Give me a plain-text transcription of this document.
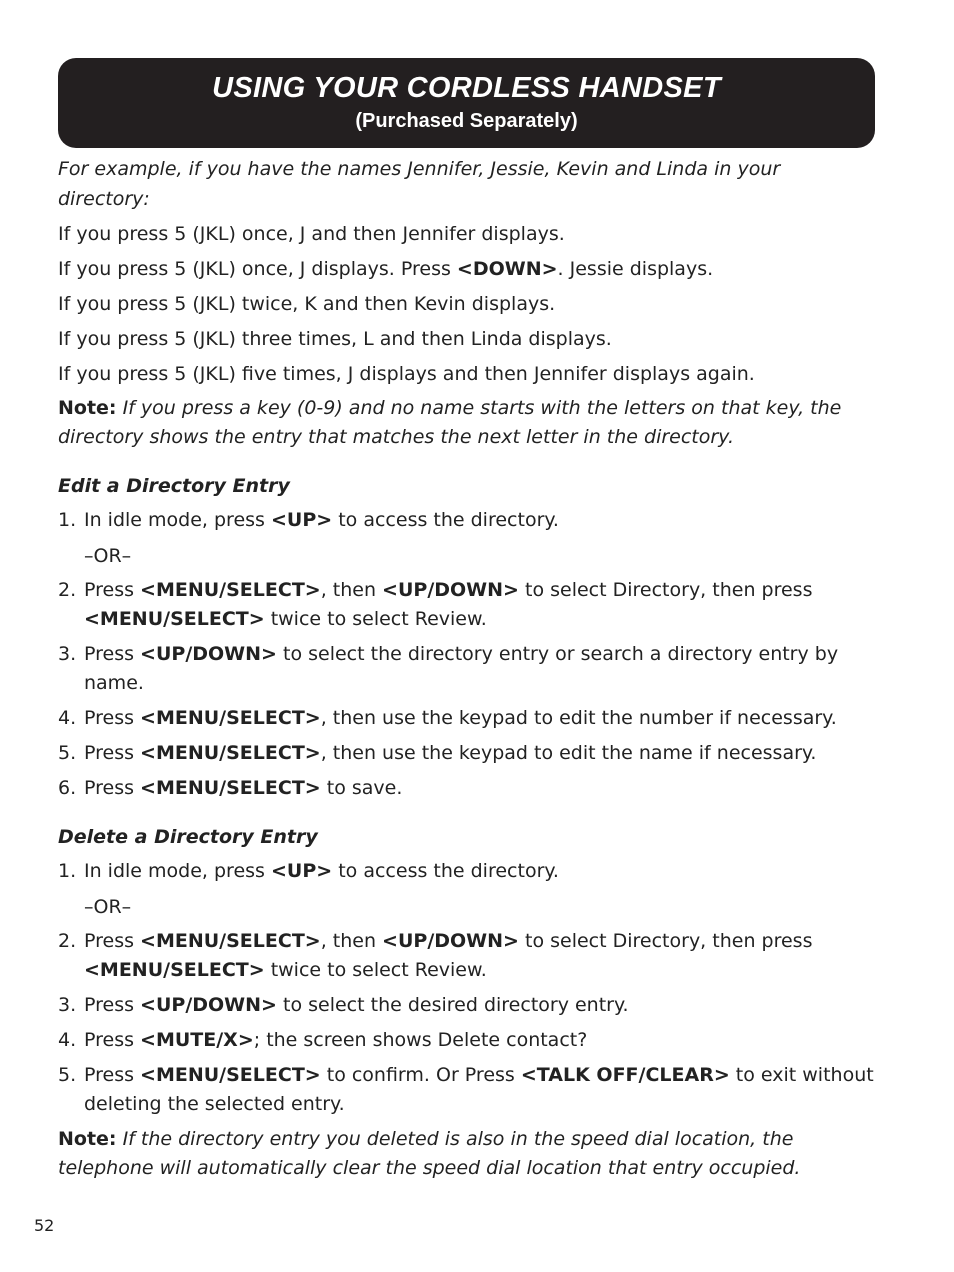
USING YOUR CORDLESS HANDSET
(Purchased Separately)
For example, if you have the names Jennifer, Jessie, Kevin and Linda in your directory:
If you press 5 (JKL) once, J and then Jennifer displays.
If you press 5 (JKL) once, J displays. Press <DOWN>. Jessie displays.
If you press 5 (JKL) twice, K and then Kevin displays.
If you press 5 (JKL) three times, L and then Linda displays.
If you press 5 (JKL) five times, J displays and then Jennifer displays again.
Note: If you press a key (0-9) and no name starts with the letters on that key, the directory shows the entry that matches the next letter in the directory.
Edit a Directory Entry
1. In idle mode, press <UP> to access the directory.
–OR–
2. Press <MENU/SELECT>, then <UP/DOWN> to select Directory, then press <MENU/SELECT> twice to select Review.
3. Press <UP/DOWN> to select the directory entry or search a directory entry by name.
4. Press <MENU/SELECT>, then use the keypad to edit the number if necessary.
5. Press <MENU/SELECT>, then use the keypad to edit the name if necessary.
6. Press <MENU/SELECT> to save.
Delete a Directory Entry
1. In idle mode, press <UP> to access the directory.
–OR–
2. Press <MENU/SELECT>, then <UP/DOWN> to select Directory, then press <MENU/SELECT> twice to select Review.
3. Press <UP/DOWN> to select the desired directory entry.
4. Press <MUTE/X>; the screen shows Delete contact?
5. Press <MENU/SELECT> to confirm. Or Press <TALK OFF/CLEAR> to exit without deleting the selected entry.
Note: If the directory entry you deleted is also in the speed dial location, the telephone will automatically clear the speed dial location that entry occupied.
52
